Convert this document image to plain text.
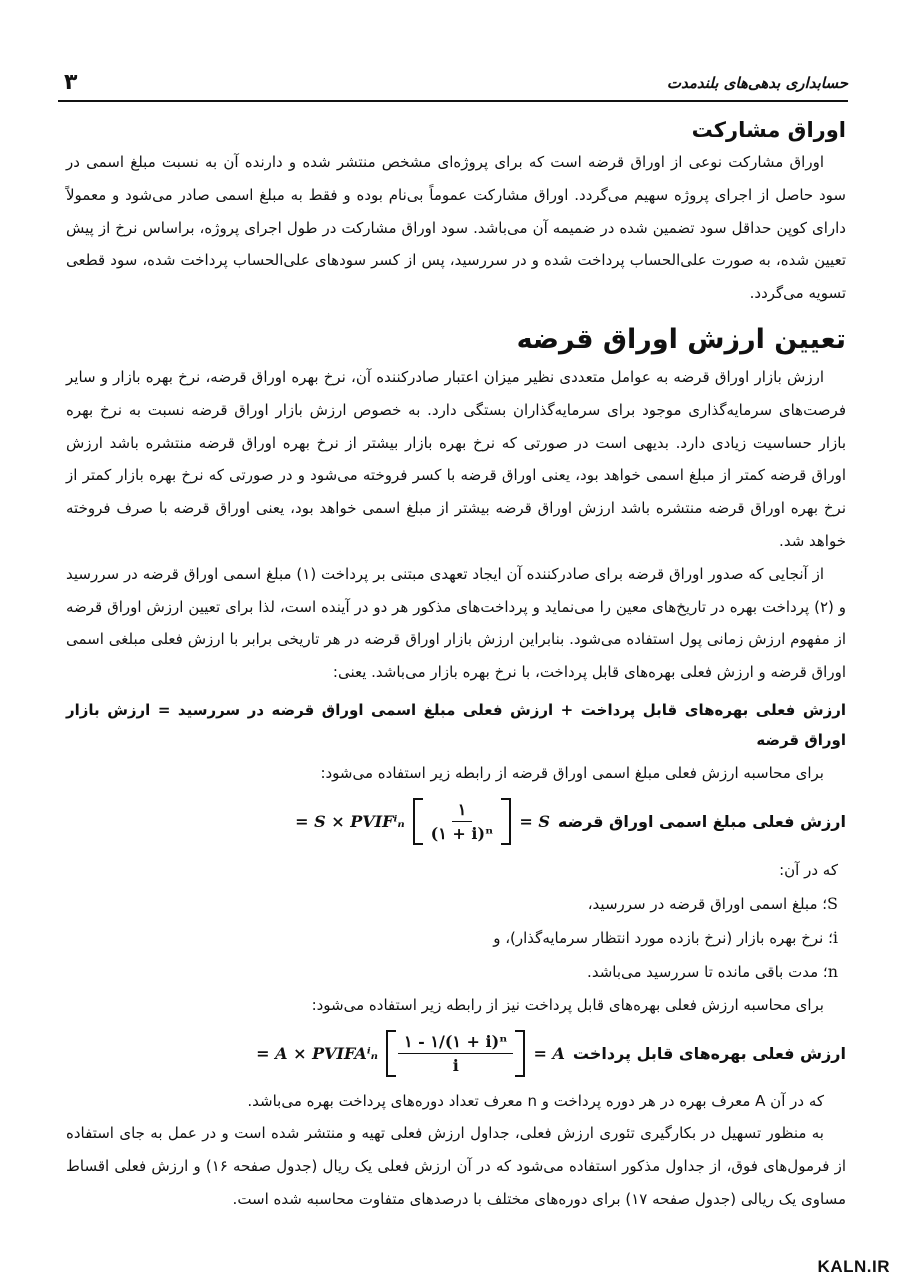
حسابداری بدهی‌های بلندمدت
۳
اوراق مشارکت

اوراق مشارکت نوعی از اوراق قرضه است که برای پروژه‌ای مشخص منتشر شده و دارنده آن به نسبت مبلغ اسمی در سود حاصل از اجرای پروژه سهیم می‌گردد. اوراق مشارکت عموماً بی‌نام بوده و فقط به مبلغ اسمی صادر می‌شود و معمولاً دارای کوپن حداقل سود تضمین شده در ضمیمه آن می‌باشد. سود اوراق مشارکت در طول اجرای پروژه، براساس نرخ از پیش تعیین شده، به صورت علی‌الحساب پرداخت شده و در سررسید، پس از کسر سودهای علی‌الحساب پرداخت شده، سود قطعی تسویه می‌گردد.

تعیین ارزش اوراق قرضه

ارزش بازار اوراق قرضه به عوامل متعددی نظیر میزان اعتبار صادرکننده آن، نرخ بهره اوراق قرضه، نرخ بهره بازار و سایر فرصت‌های سرمایه‌گذاری موجود برای سرمایه‌گذاران بستگی دارد. به خصوص ارزش بازار اوراق قرضه نسبت به نرخ بهره بازار حساسیت زیادی دارد. بدیهی است در صورتی که نرخ بهره بازار بیشتر از نرخ بهره اوراق قرضه منتشره باشد ارزش اوراق قرضه کمتر از مبلغ اسمی خواهد بود، یعنی اوراق قرضه با کسر فروخته می‌شود و در صورتی که نرخ بهره بازار کمتر از نرخ بهره اوراق قرضه منتشره باشد ارزش اوراق قرضه بیشتر از مبلغ اسمی خواهد بود، یعنی اوراق قرضه با صرف فروخته خواهد شد.

از آنجایی که صدور اوراق قرضه برای صادرکننده آن ایجاد تعهدی مبتنی بر پرداخت (۱) مبلغ اسمی اوراق قرضه در سررسید و (۲) پرداخت بهره در تاریخ‌های معین را می‌نماید و پرداخت‌های مذکور هر دو در آینده است، لذا برای تعیین ارزش اوراق قرضه از مفهوم ارزش زمانی پول استفاده می‌شود. بنابراین ارزش بازار اوراق قرضه در هر تاریخی برابر با ارزش فعلی مبلغی اسمی اوراق قرضه و ارزش فعلی بهره‌های قابل پرداخت، با نرخ بهره بازار می‌باشد. یعنی:

ارزش فعلی بهره‌های قابل پرداخت + ارزش فعلی مبلغ اسمی اوراق قرضه در سررسید = ارزش بازار اوراق قرضه

برای محاسبه ارزش فعلی مبلغ اسمی اوراق قرضه از رابطه زیر استفاده می‌شود:

ارزش فعلی مبلغ اسمی اوراق قرضه
= S
$\frac{۱}{\text{(۱ + i)ⁿ}}$
= S × PVIFⁱₙ
که در آن:
S؛ مبلغ اسمی اوراق قرضه در سررسید،
i؛ نرخ بهره بازار (نرخ بازده مورد انتظار سرمایه‌گذار)، و
n؛ مدت باقی مانده تا سررسید می‌باشد.

برای محاسبه ارزش فعلی بهره‌های قابل پرداخت نیز از رابطه زیر استفاده می‌شود:

ارزش فعلی بهره‌های قابل پرداخت
= A
$\frac{\text{۱ - ۱/(۱ + i)ⁿ}}{i}$
= A × PVIFAⁱₙ

که در آن A معرف بهره در هر دوره پرداخت و n معرف تعداد دوره‌های پرداخت بهره می‌باشد.

به منظور تسهیل در بکارگیری تئوری ارزش فعلی، جداول ارزش فعلی تهیه و منتشر شده است و در عمل به جای استفاده از فرمول‌های فوق، از جداول مذکور استفاده می‌شود که در آن ارزش فعلی یک ریال (جدول صفحه ۱۶) و ارزش فعلی اقساط مساوی یک ریالی (جدول صفحه ۱۷) برای دوره‌های مختلف با درصدهای متفاوت محاسبه شده است.

KALN.IR
